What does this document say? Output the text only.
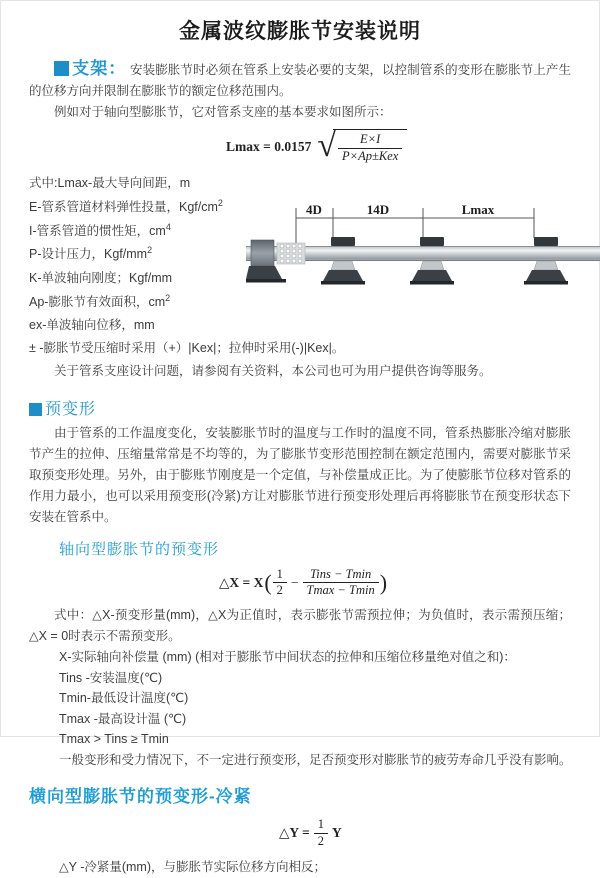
金属波纹膨胀节安装说明

支架： 安装膨胀节时必须在管系上安装必要的支架，以控制管系的变形在膨胀节上产生的位移方向并限制在膨胀节的额定位移范围内。

例如对于轴向型膨胀节，它对管系支座的基本要求如图所示：

Lmax = 0.0157 √ $\frac{E\times I}{\text{P×Ap±Kex}}$
式中:Lmax-最大导向间距，m
E-管系管道材料弹性投量，Kgf/$cm^2$
I-管系管道的惯性矩，$cm^4$
P-设计压力，Kgf/$mm^2$
K-单波轴向刚度；Kgf/mm
Ap-膨胀节有效面积，$cm^2$
ex-单波轴向位移，mm
4D	14D	Lmax

± -膨胀节受压缩时采用（+）|Kex|；拉伸时采用(-)|Kex|。

关于管系支座设计问题，请参阅有关资料，本公司也可为用户提供咨询等服务。

预变形

由于管系的工作温度变化，安装膨胀节时的温度与工作时的温度不同，管系热膨胀冷缩对膨胀节产生的拉伸、压缩量常常是不均等的，为了膨胀节变形范围控制在额定范围内，需要对膨胀节采取预变形处理。另外，由于膨账节刚度是一个定值，与补偿量成正比。为了使膨胀节位移对管系的作用力最小，也可以采用预变形(冷紧)方让对膨胀节进行预变形处理后再将膨胀节在预变形状态下安装在管系中。

轴向型膨胀节的预变形
△X = X ( $\frac{1}{2} - \frac{\text{Tins − Tmin}}{Tmax - Tmin}$ )

式中：△X-预变形量(mm)，△X为正值时，表示膨张节需预拉伸；为负值时，表示需预压缩；△X = 0时表示不需预变形。

X-实际轴向补偿量 (mm) (相对于膨胀节中间状态的拉伸和压缩位移量绝对值之和)：
Tins -安装温度(℃)
Tmin-最低设计温度(℃)
Tmax -最高设计温 (℃)
Tmax > Tins ≥ Tmin
一般变形和受力情况下，不一定进行预变形，足否预变形对膨胀节的疲劳寿命几乎没有影响。
横向型膨胀节的预变形-冷紧
△Y = $\frac{1}{2}$ Y
△Y -冷紧量(mm)，与膨胀节实际位移方向相反；
